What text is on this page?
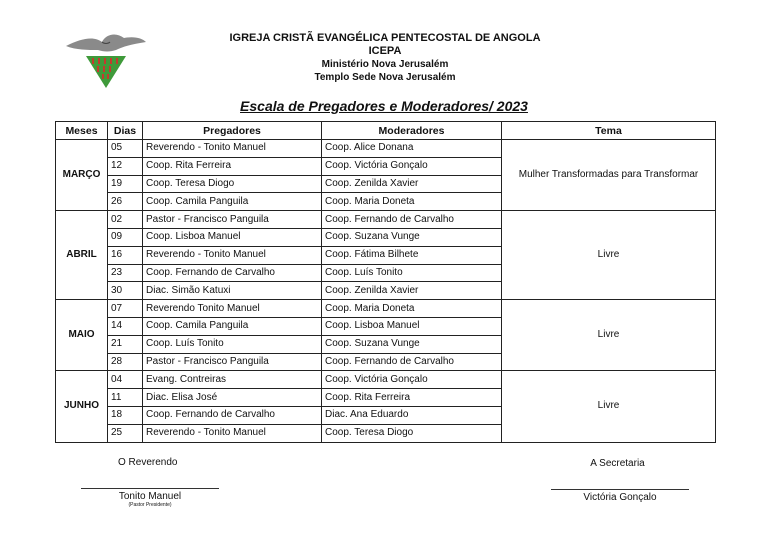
IGREJA CRISTÃ EVANGÉLICA PENTECOSTAL DE ANGOLA
ICEPA
Ministério Nova Jerusalém
Templo Sede Nova Jerusalém
Escala de Pregadores e Moderadores/ 2023
Meses	Dias	Pregadores	Moderadores	Tema
MARÇO	05	Reverendo - Tonito Manuel	Coop. Alice Donana	Mulher Transformadas para Transformar
	12	Coop. Rita Ferreira	Coop. Victória Gonçalo	
	19	Coop. Teresa Diogo	Coop. Zenilda Xavier	
	26	Coop. Camila Panguila	Coop. Maria Doneta	
ABRIL	02	Pastor - Francisco Panguila	Coop. Fernando de Carvalho	Livre
	09	Coop. Lisboa Manuel	Coop. Suzana Vunge	
	16	Reverendo - Tonito Manuel	Coop. Fátima Bilhete	
	23	Coop. Fernando de Carvalho	Coop. Luís Tonito	
	30	Diac. Simão Katuxi	Coop. Zenilda Xavier	
MAIO	07	Reverendo Tonito Manuel	Coop. Maria Doneta	Livre
	14	Coop. Camila Panguila	Coop. Lisboa Manuel	
	21	Coop. Luís Tonito	Coop. Suzana Vunge	
	28	Pastor - Francisco Panguila	Coop. Fernando de Carvalho	
JUNHO	04	Evang. Contreiras	Coop. Victória Gonçalo	Livre
	11	Diac. Elisa José	Coop. Rita Ferreira	
	18	Coop. Fernando de Carvalho	Diac. Ana Eduardo	
	25	Reverendo - Tonito Manuel	Coop. Teresa Diogo	
O Reverendo
Tonito Manuel
(Pastor Presidente)
A Secretaria
Victória Gonçalo
